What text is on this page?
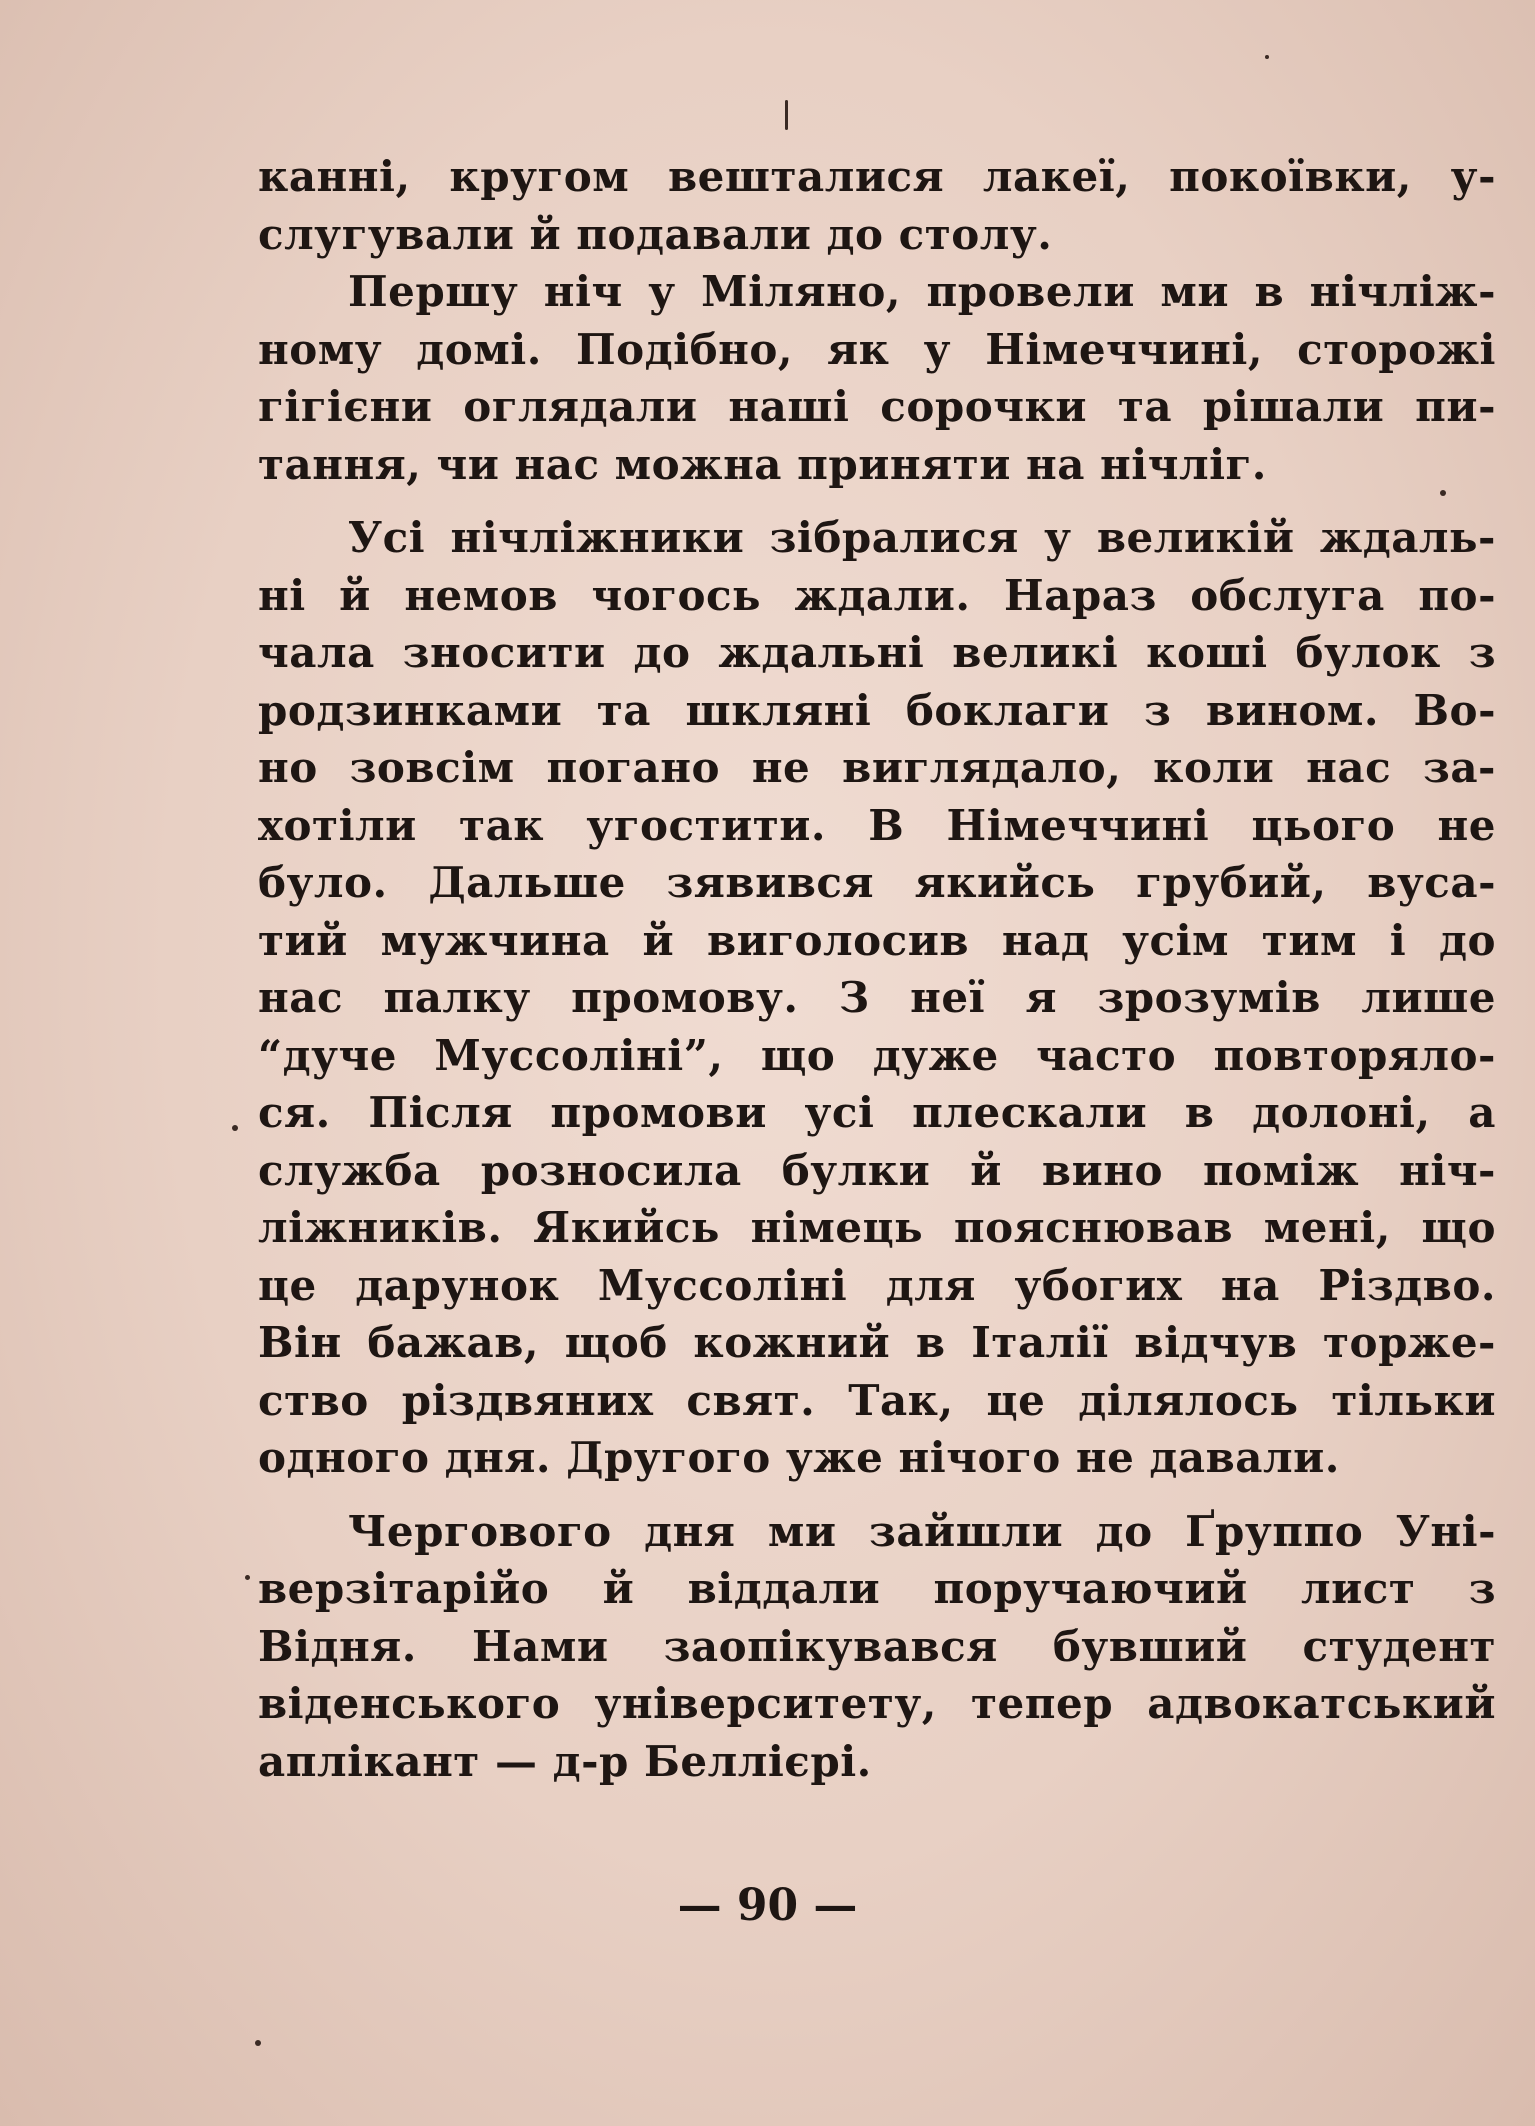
канні, кругом вешталися лакеї, покоївки, у-
слугували й подавали до столу.
Першу ніч у Міляно, провели ми в нічліж-
ному домі. Подібно, як у Німеччині, сторожі
гігієни оглядали наші сорочки та рішали пи-
тання, чи нас можна приняти на нічліг.
Усі нічліжники зібралися у великій ждаль-
ні й немов чогось ждали. Нараз обслуга по-
чала зносити до ждальні великі коші булок з
родзинками та шкляні боклаги з вином. Во-
но зовсім погано не виглядало, коли нас за-
хотіли так угостити. В Німеччині цього не
було. Дальше зявився якийсь грубий, вуса-
тий мужчина й виголосив над усім тим і до
нас палку промову. З неї я зрозумів лише
“дуче Муссоліні”, що дуже часто повторяло-
ся. Після промови усі плескали в долоні, а
служба розносила булки й вино поміж ніч-
ліжників. Якийсь німець пояснював мені, що
це дарунок Муссоліні для убогих на Різдво.
Він бажав, щоб кожний в Італії відчув торже-
ство різдвяних свят. Так, це ділялось тільки
одного дня. Другого уже нічого не давали.
Чергового дня ми зайшли до Ґруппо Уні-
верзітарійо й віддали поручаючий лист з
Відня. Нами заопікувався бувший студент
віденського університету, тепер адвокатський
аплікант — д-р Беллієрі.
— 90 —
